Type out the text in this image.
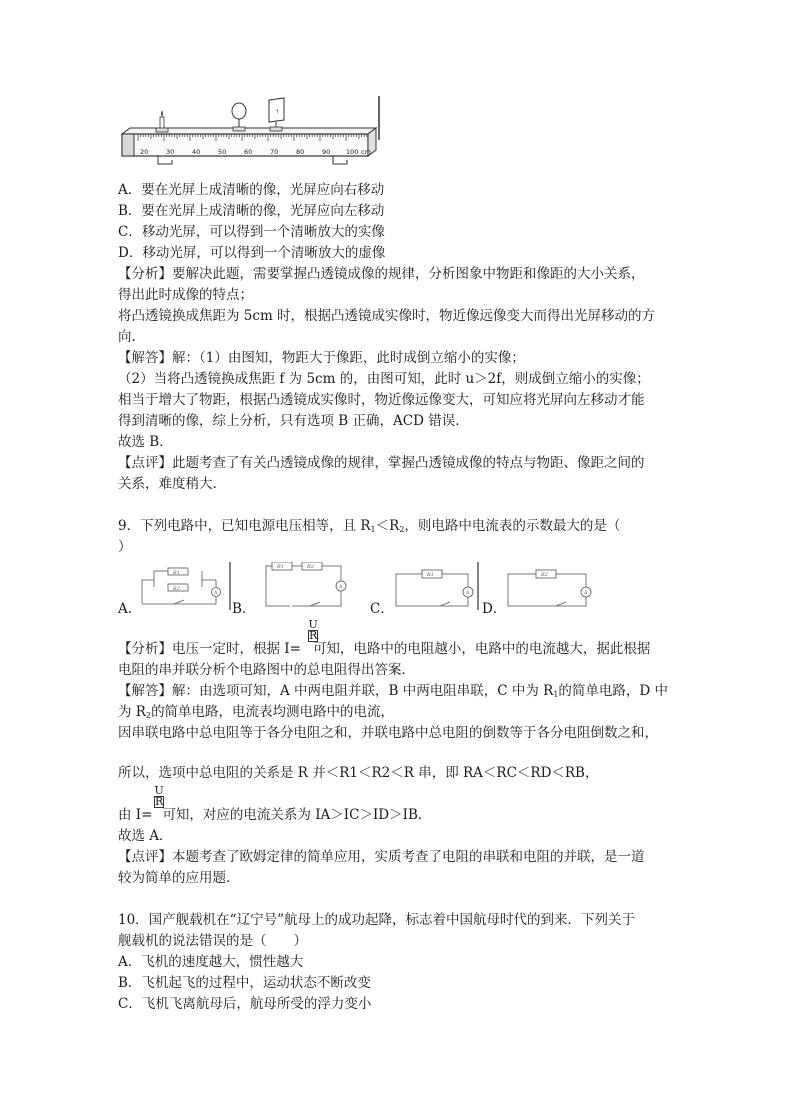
20	30	40	50	60	70	80	90 100 cm
↑
A．要在光屏上成清晰的像，光屏应向右移动
B．要在光屏上成清晰的像，光屏应向左移动
C．移动光屏，可以得到一个清晰放大的实像
D．移动光屏，可以得到一个清晰放大的虚像
【分析】要解决此题，需要掌握凸透镜成像的规律，分析图象中物距和像距的大小关系，
得出此时成像的特点；
将凸透镜换成焦距为 5cm 时，根据凸透镜成实像时，物近像远像变大而得出光屏移动的方
向.
【解答】解：（1）由图知，物距大于像距，此时成倒立缩小的实像；
（2）当将凸透镜换成焦距 f 为 5cm 的，由图可知，此时 u＞2f，则成倒立缩小的实像；
相当于增大了物距，根据凸透镜成实像时，物近像远像变大，可知应将光屏向左移动才能
得到清晰的像，综上分析，只有选项 B 正确，ACD 错误．
故选 B．
【点评】此题考查了有关凸透镜成像的规律，掌握凸透镜成像的特点与物距、像距之间的
关系，难度稍大.
9．下列电路中，已知电源电压相等，且 $R_1<R_2$，则电路中电流表的示数最大的是（
）
A．
R1
R2
A
B．
R1	R2
A
C．
R1
A
D．
R2
A
$\frac{U}{R}$
【分析】电压一定时，根据 I= 可知，电路中的电阻越小，电路中的电流越大，据此根据
电阻的串并联分析个电路图中的总电阻得出答案．
【解答】解：由选项可知，A 中两电阻并联，B 中两电阻串联，C 中为 $R_1$的简单电路，D 中
为 $R_2$的简单电路，电流表均测电路中的电流，
因串联电路中总电阻等于各分电阻之和，并联电路中总电阻的倒数等于各分电阻倒数之和，
所以，选项中总电阻的关系是 R 并＜R1＜R2＜R 串，即 RA＜RC＜RD＜RB，
$\frac{U}{R}$
由 I= 可知，对应的电流关系为 IA＞IC＞ID＞IB．
故选 A．
【点评】本题考查了欧姆定律的简单应用，实质考查了电阻的串联和电阻的并联，是一道
较为简单的应用题．
10．国产舰载机在“辽宁号”航母上的成功起降，标志着中国航母时代的到来．下列关于
舰载机的说法错误的是（　　）
A．飞机的速度越大，惯性越大
B．飞机起飞的过程中，运动状态不断改变
C．飞机飞离航母后，航母所受的浮力变小
